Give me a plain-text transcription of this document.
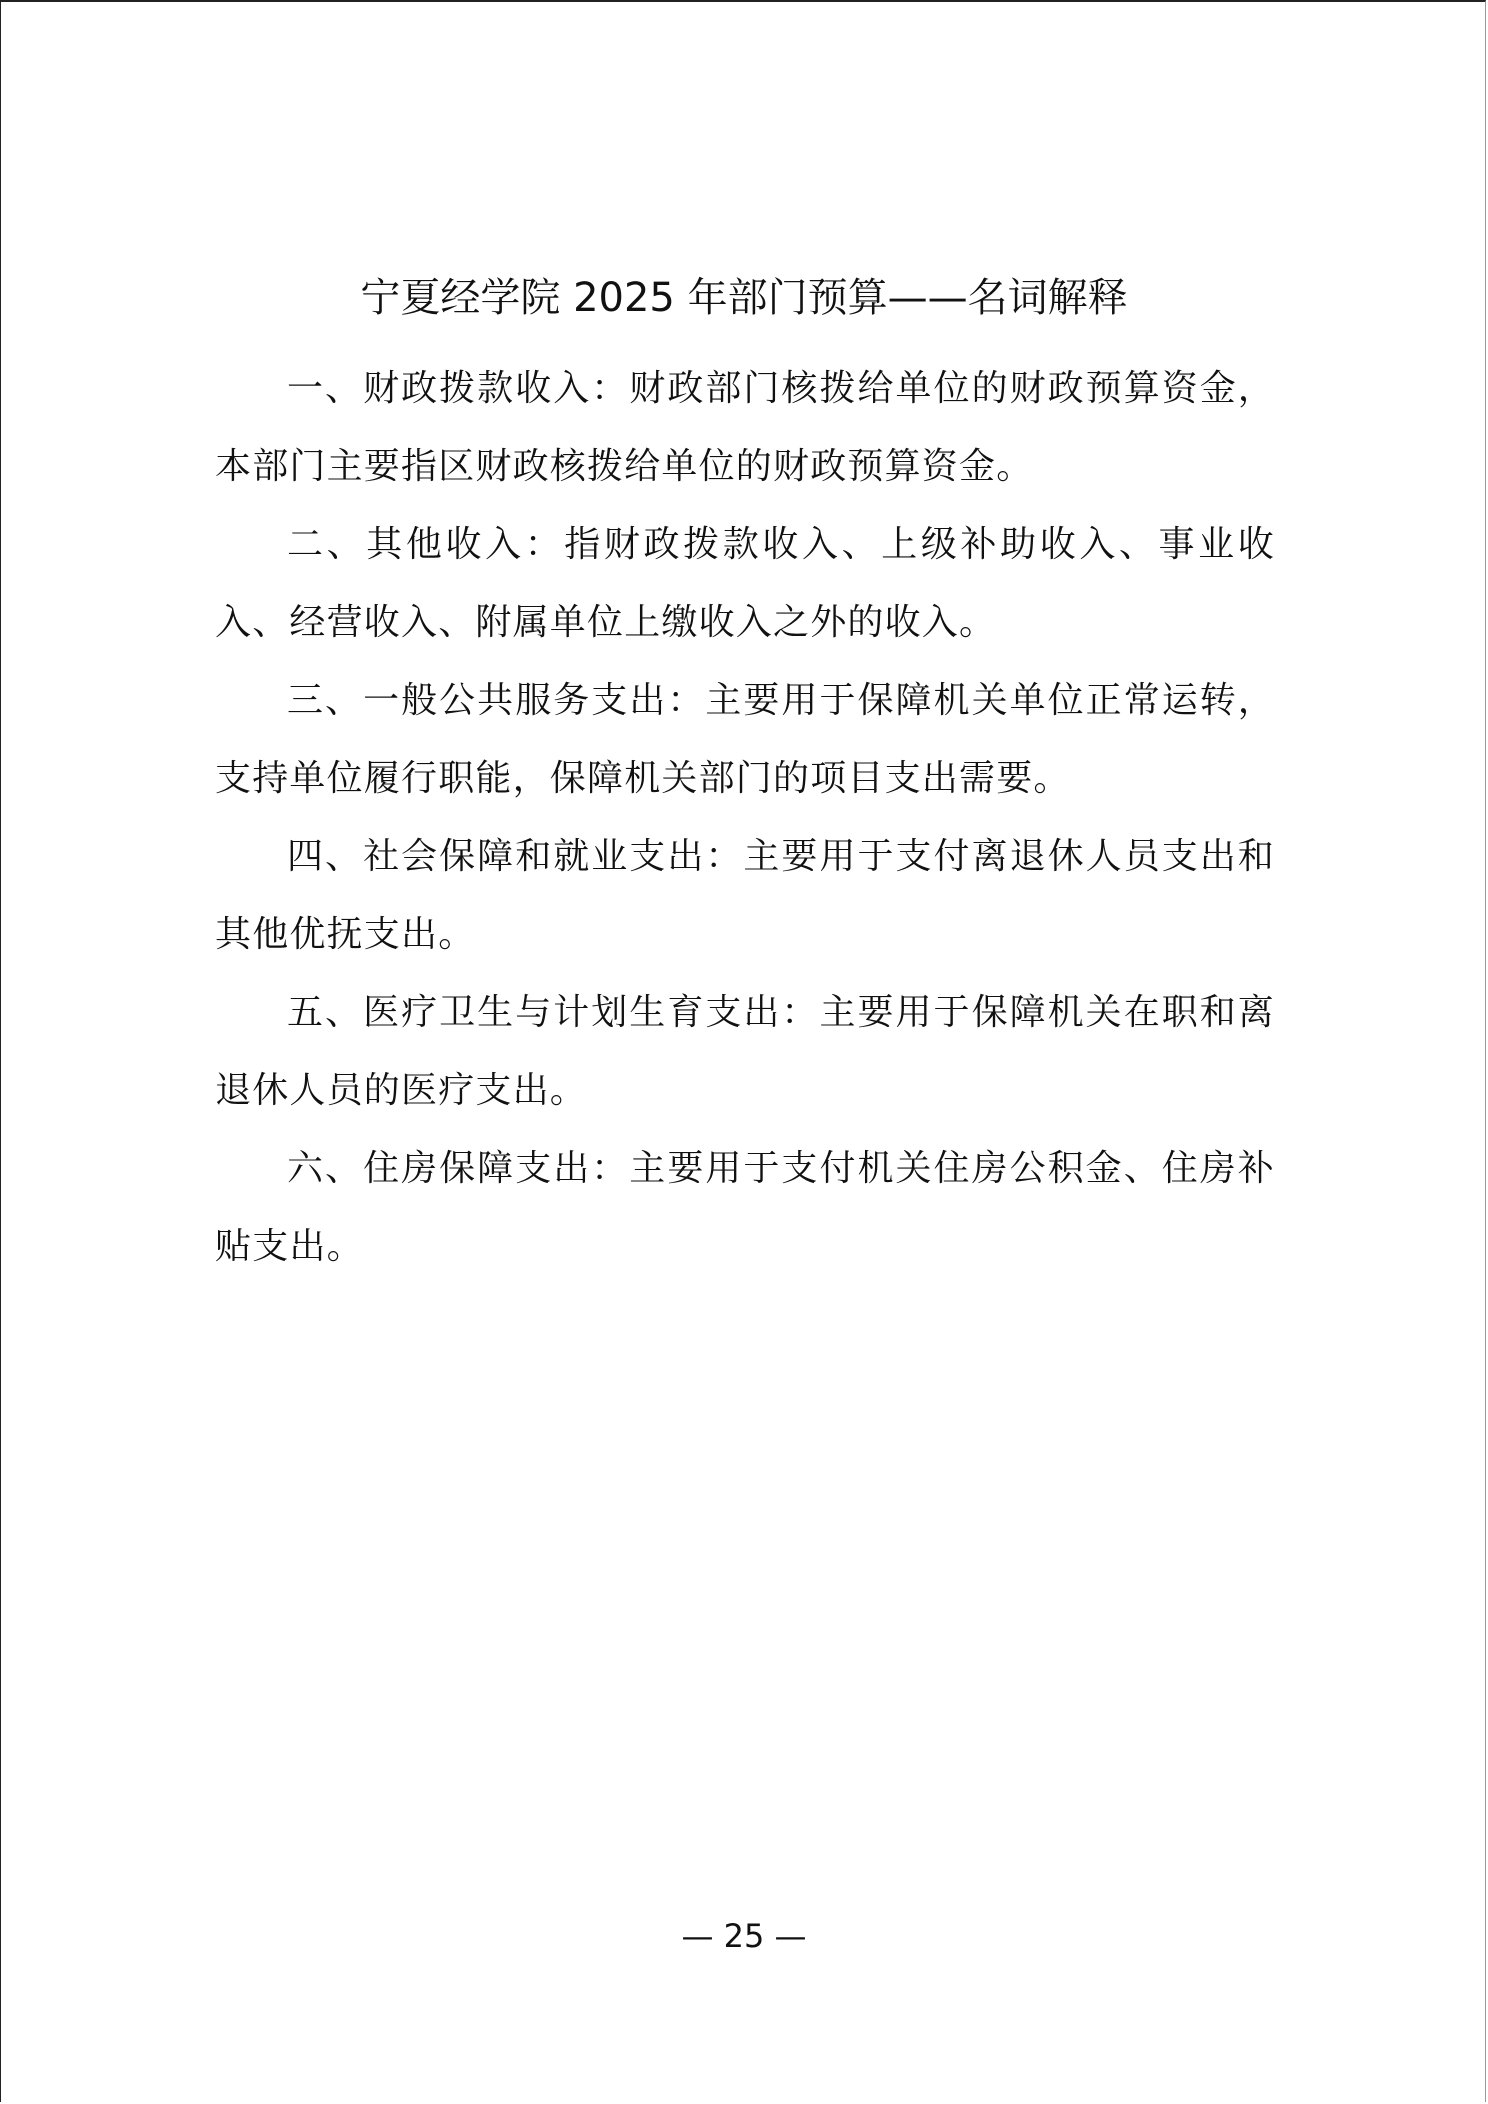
宁夏经学院 2025 年部门预算——名词解释

一、财政拨款收入：财政部门核拨给单位的财政预算资金，本部门主要指区财政核拨给单位的财政预算资金。

二、其他收入：指财政拨款收入、上级补助收入、事业收入、经营收入、附属单位上缴收入之外的收入。

三、一般公共服务支出：主要用于保障机关单位正常运转，支持单位履行职能，保障机关部门的项目支出需要。

四、社会保障和就业支出：主要用于支付离退休人员支出和其他优抚支出。

五、医疗卫生与计划生育支出：主要用于保障机关在职和离退休人员的医疗支出。

六、住房保障支出：主要用于支付机关住房公积金、住房补贴支出。

— 25 —
